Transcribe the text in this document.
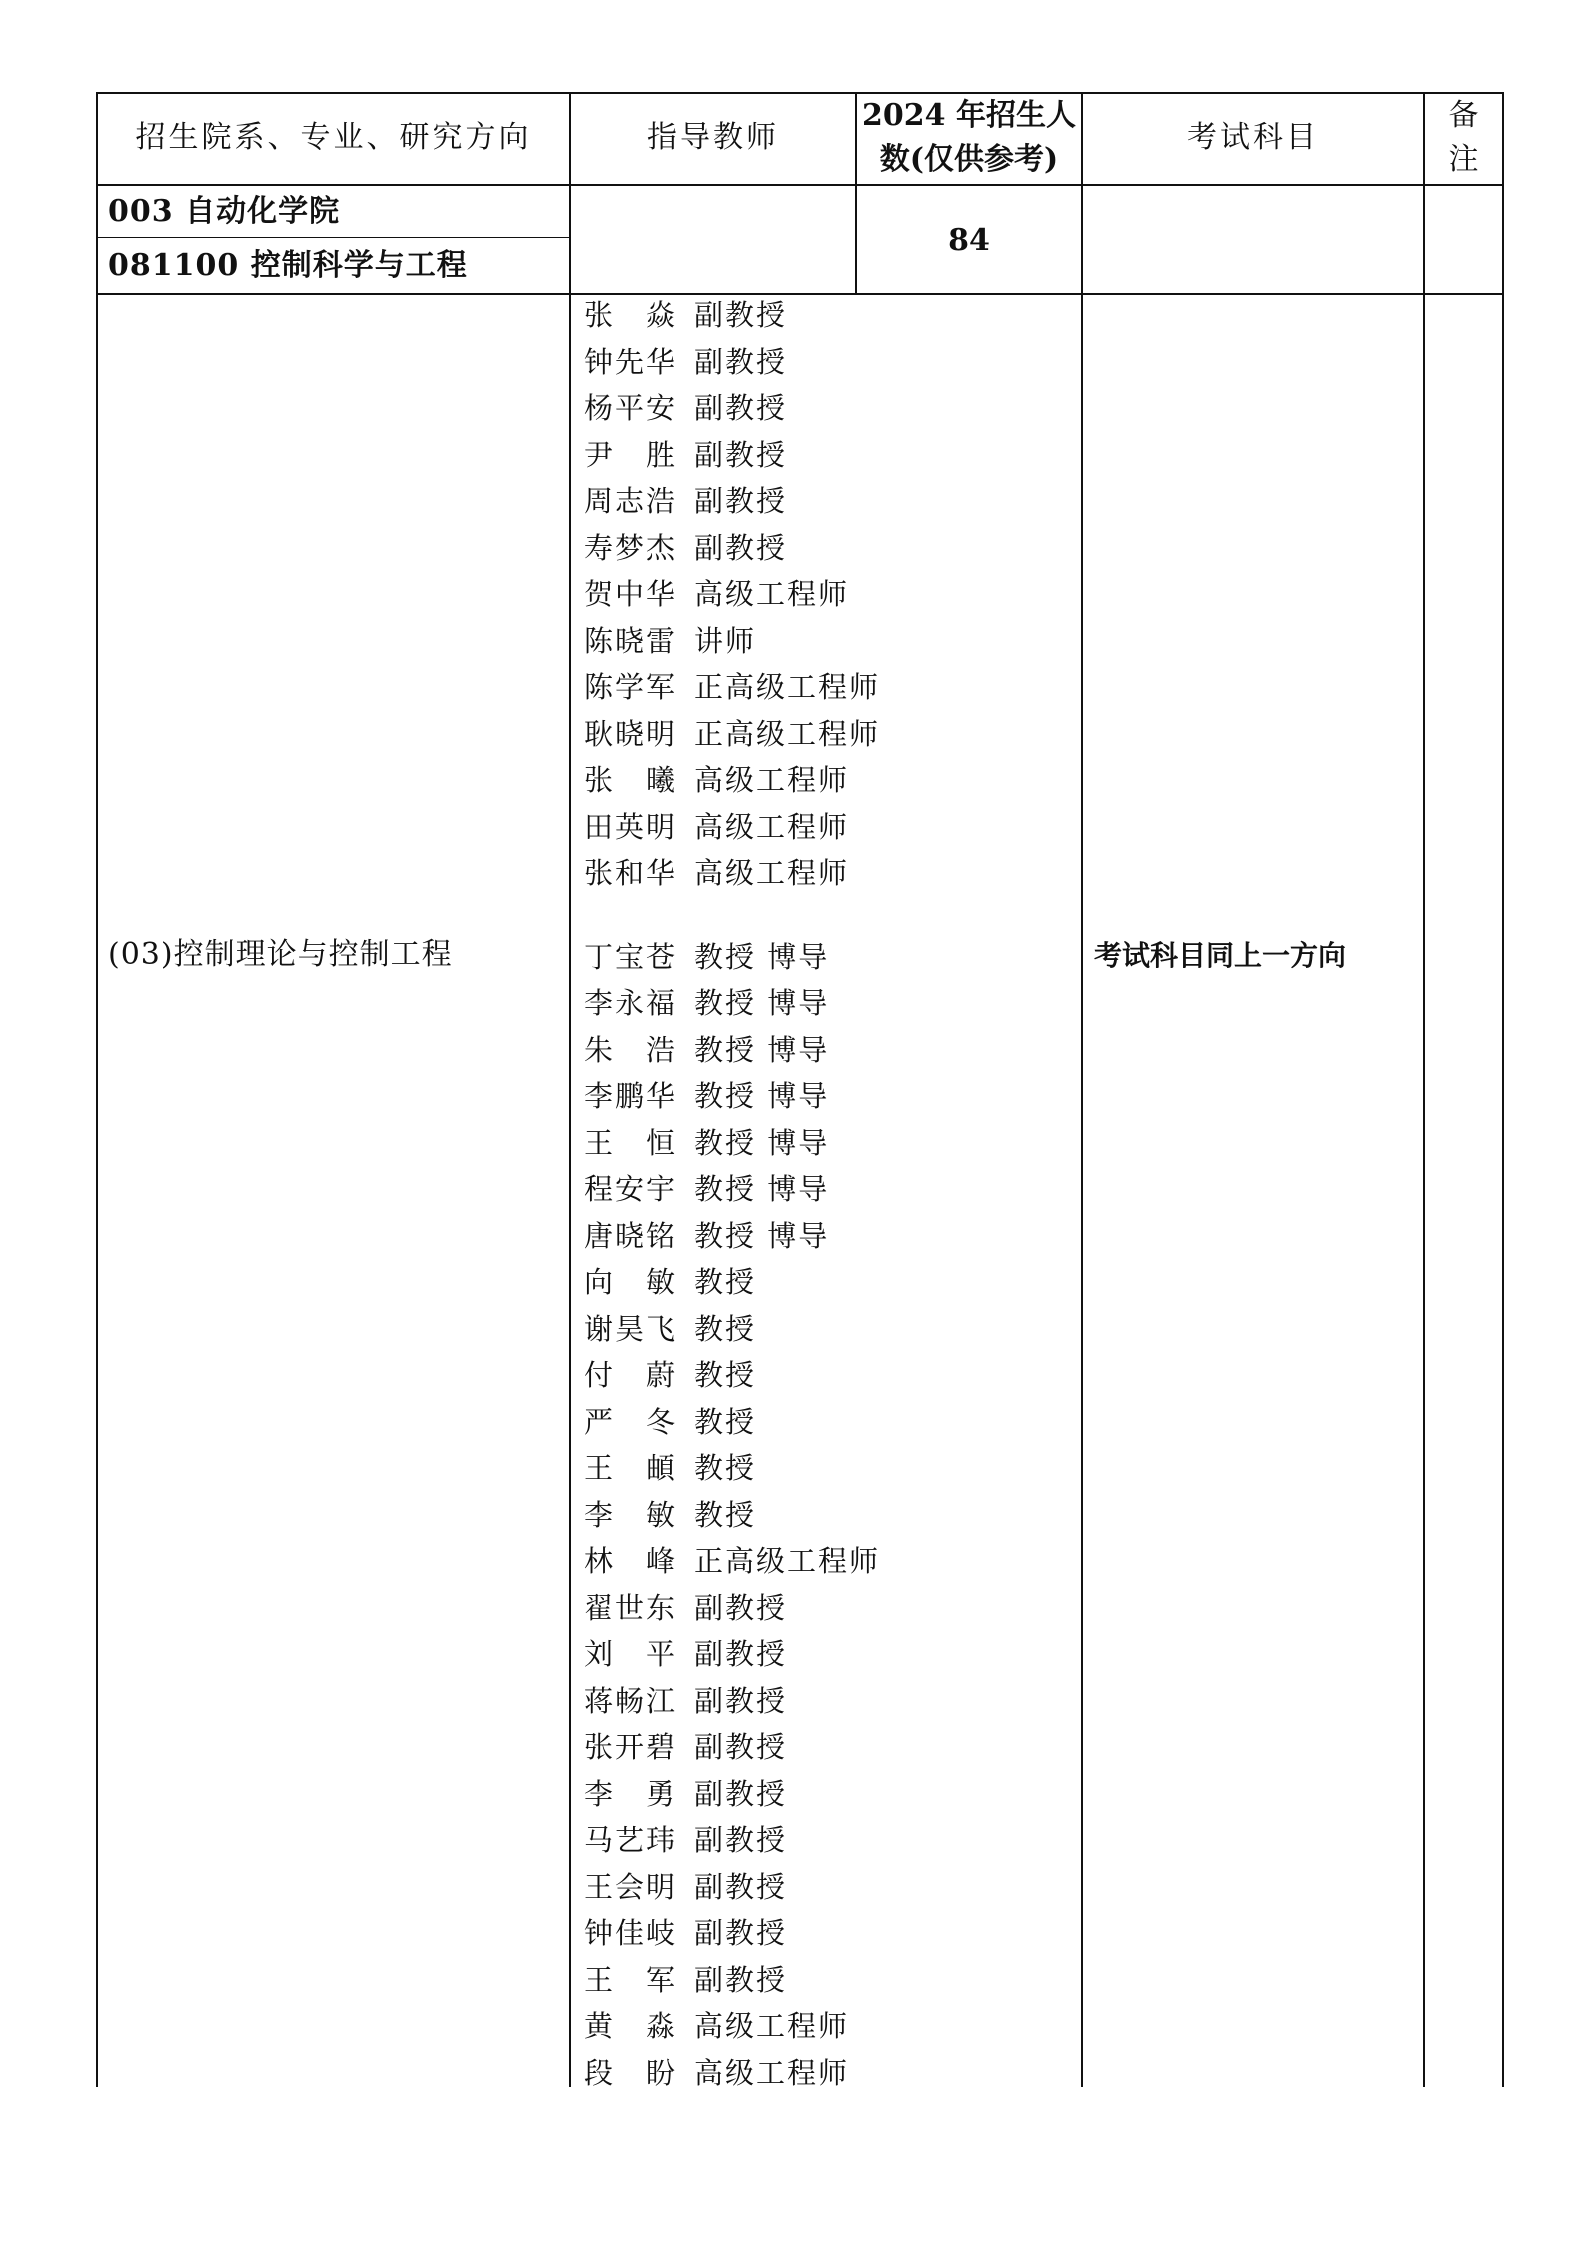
招生院系、专业、研究方向	指导教师
2024 年招生人
数(仅供参考)
考试科目
备
注
003 自动化学院
081100 控制科学与工程
84
(03)控制理论与控制工程	考试科目同上一方向
张　焱 副教授
钟先华 副教授
杨平安 副教授
尹　胜 副教授
周志浩 副教授
寿梦杰 副教授
贺中华 高级工程师
陈晓雷 讲师
陈学军 正高级工程师
耿晓明 正高级工程师
张　曦 高级工程师
田英明 高级工程师
张和华 高级工程师
丁宝苍 教授 博导
李永福 教授 博导
朱　浩 教授 博导
李鹏华 教授 博导
王　恒 教授 博导
程安宇 教授 博导
唐晓铭 教授 博导
向　敏 教授
谢昊飞 教授
付　蔚 教授
严　冬 教授
王　頔 教授
李　敏 教授
林　峰 正高级工程师
翟世东 副教授
刘　平 副教授
蒋畅江 副教授
张开碧 副教授
李　勇 副教授
马艺玮 副教授
王会明 副教授
钟佳岐 副教授
王　军 副教授
黄　淼 高级工程师
段　盼 高级工程师
